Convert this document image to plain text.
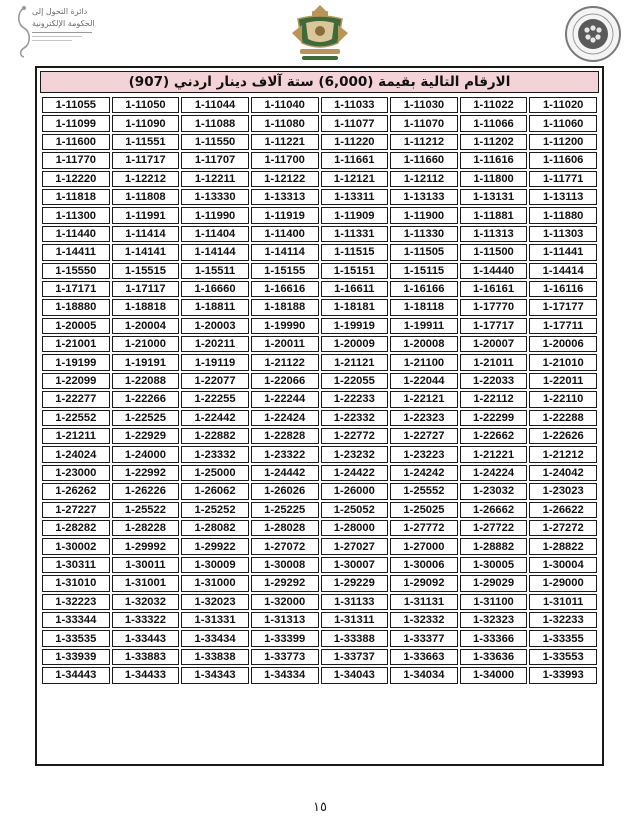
دائرة التحول إلى
الحكومة الإلكترونية
الارقام التالية بقيمة (6,000) ستة آلاف دينار اردني (907)
1-11055	1-11050	1-11044	1-11040	1-11033	1-11030	1-11022	1-11020
1-11099	1-11090	1-11088	1-11080	1-11077	1-11070	1-11066	1-11060
1-11600	1-11551	1-11550	1-11221	1-11220	1-11212	1-11202	1-11200
1-11770	1-11717	1-11707	1-11700	1-11661	1-11660	1-11616	1-11606
1-12220	1-12212	1-12211	1-12122	1-12121	1-12112	1-11800	1-11771
1-11818	1-11808	1-13330	1-13313	1-13311	1-13133	1-13131	1-13113
1-11300	1-11991	1-11990	1-11919	1-11909	1-11900	1-11881	1-11880
1-11440	1-11414	1-11404	1-11400	1-11331	1-11330	1-11313	1-11303
1-14411	1-14141	1-14144	1-14114	1-11515	1-11505	1-11500	1-11441
1-15550	1-15515	1-15511	1-15155	1-15151	1-15115	1-14440	1-14414
1-17171	1-17117	1-16660	1-16616	1-16611	1-16166	1-16161	1-16116
1-18880	1-18818	1-18811	1-18188	1-18181	1-18118	1-17770	1-17177
1-20005	1-20004	1-20003	1-19990	1-19919	1-19911	1-17717	1-17711
1-21001	1-21000	1-20211	1-20011	1-20009	1-20008	1-20007	1-20006
1-19199	1-19191	1-19119	1-21122	1-21121	1-21100	1-21011	1-21010
1-22099	1-22088	1-22077	1-22066	1-22055	1-22044	1-22033	1-22011
1-22277	1-22266	1-22255	1-22244	1-22233	1-22121	1-22112	1-22110
1-22552	1-22525	1-22442	1-22424	1-22332	1-22323	1-22299	1-22288
1-21211	1-22929	1-22882	1-22828	1-22772	1-22727	1-22662	1-22626
1-24024	1-24000	1-23332	1-23322	1-23232	1-23223	1-21221	1-21212
1-23000	1-22992	1-25000	1-24442	1-24422	1-24242	1-24224	1-24042
1-26262	1-26226	1-26062	1-26026	1-26000	1-25552	1-23032	1-23023
1-27227	1-25522	1-25252	1-25225	1-25052	1-25025	1-26662	1-26622
1-28282	1-28228	1-28082	1-28028	1-28000	1-27772	1-27722	1-27272
1-30002	1-29992	1-29922	1-27072	1-27027	1-27000	1-28882	1-28822
1-30311	1-30011	1-30009	1-30008	1-30007	1-30006	1-30005	1-30004
1-31010	1-31001	1-31000	1-29292	1-29229	1-29092	1-29029	1-29000
1-32223	1-32032	1-32023	1-32000	1-31133	1-31131	1-31100	1-31011
1-33344	1-33322	1-31331	1-31313	1-31311	1-32332	1-32323	1-32233
1-33535	1-33443	1-33434	1-33399	1-33388	1-33377	1-33366	1-33355
1-33939	1-33883	1-33838	1-33773	1-33737	1-33663	1-33636	1-33553
1-34443	1-34433	1-34343	1-34334	1-34043	1-34034	1-34000	1-33993
١٥
